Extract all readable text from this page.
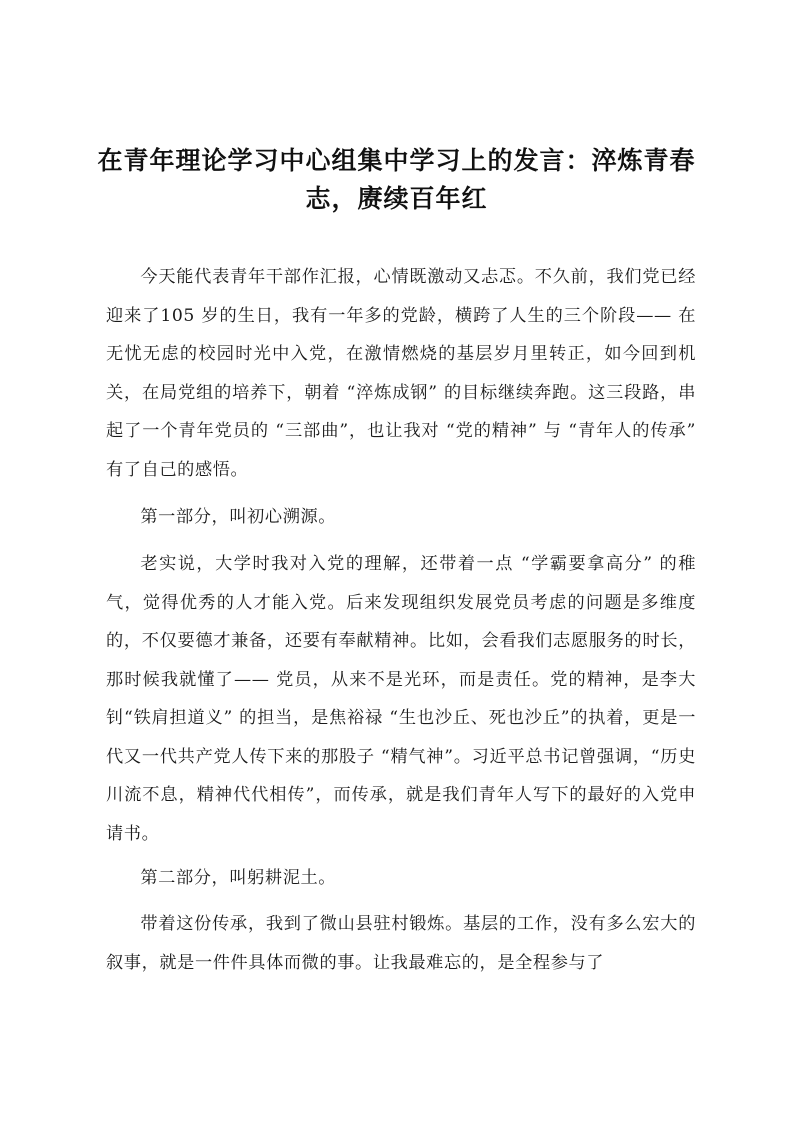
在青年理论学习中心组集中学习上的发言：淬炼青春志，赓续百年红

今天能代表青年干部作汇报，心情既激动又忐忑。不久前，我们党已经迎来了105 岁的生日，我有一年多的党龄，横跨了人生的三个阶段—— 在无忧无虑的校园时光中入党，在激情燃烧的基层岁月里转正，如今回到机关，在局党组的培养下，朝着 “淬炼成钢” 的目标继续奔跑。这三段路，串起了一个青年党员的 “三部曲”，也让我对 “党的精神” 与 “青年人的传承” 有了自己的感悟。

第一部分，叫初心溯源。

老实说，大学时我对入党的理解，还带着一点 “学霸要拿高分” 的稚气，觉得优秀的人才能入党。后来发现组织发展党员考虑的问题是多维度的，不仅要德才兼备，还要有奉献精神。比如，会看我们志愿服务的时长，那时候我就懂了—— 党员，从来不是光环，而是责任。党的精神，是李大钊“铁肩担道义” 的担当，是焦裕禄 “生也沙丘、死也沙丘”的执着，更是一代又一代共产党人传下来的那股子 “精气神”。习近平总书记曾强调，“历史川流不息，精神代代相传”，而传承，就是我们青年人写下的最好的入党申请书。

第二部分，叫躬耕泥土。

带着这份传承，我到了微山县驻村锻炼。基层的工作，没有多么宏大的叙事，就是一件件具体而微的事。让我最难忘的，是全程参与了
